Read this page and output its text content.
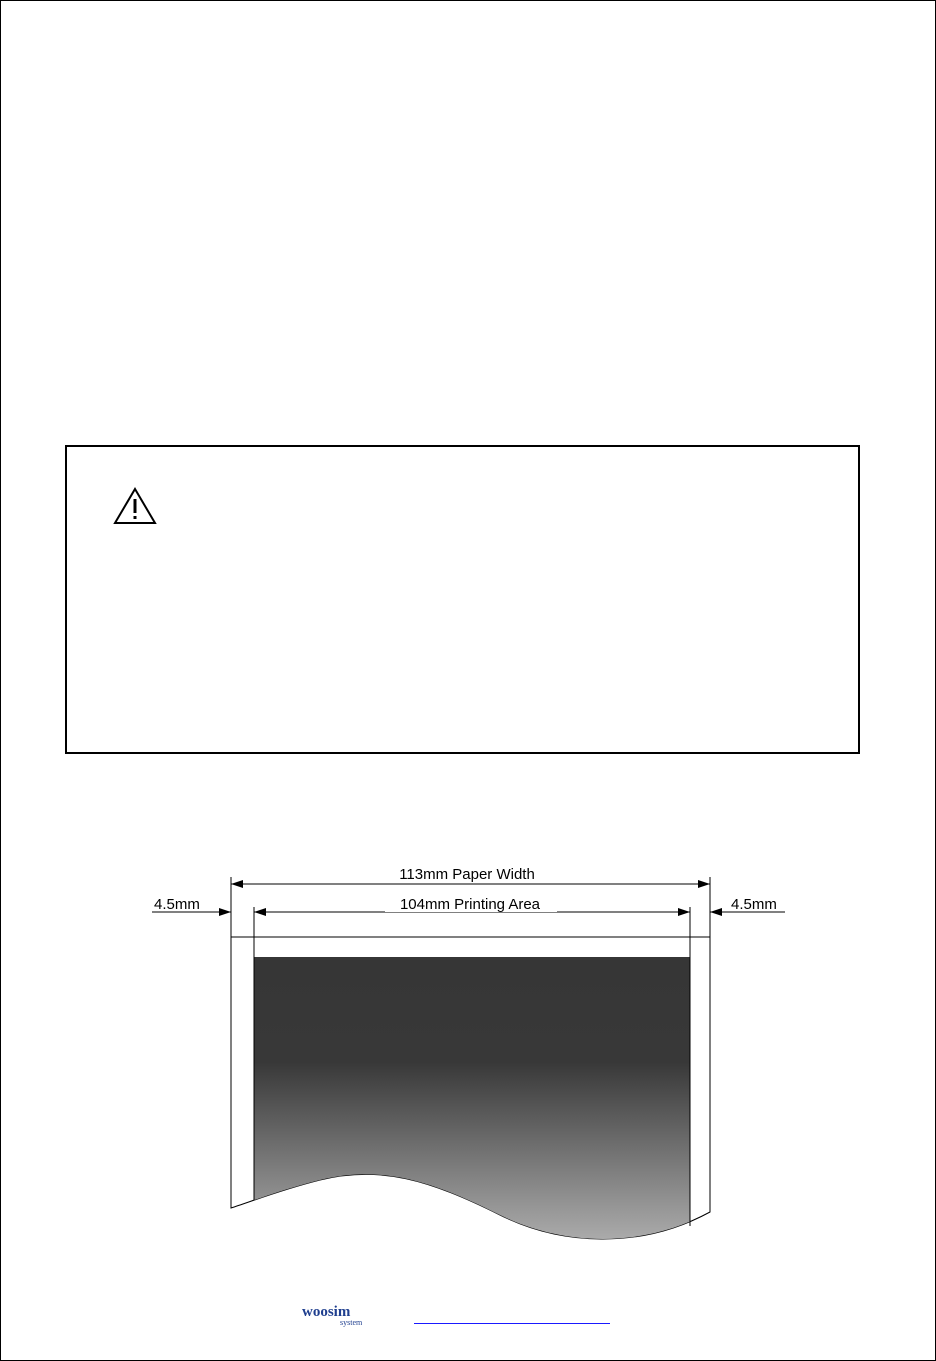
113mm Paper Width
104mm Printing Area
4.5mm	4.5mm
woosim
system
